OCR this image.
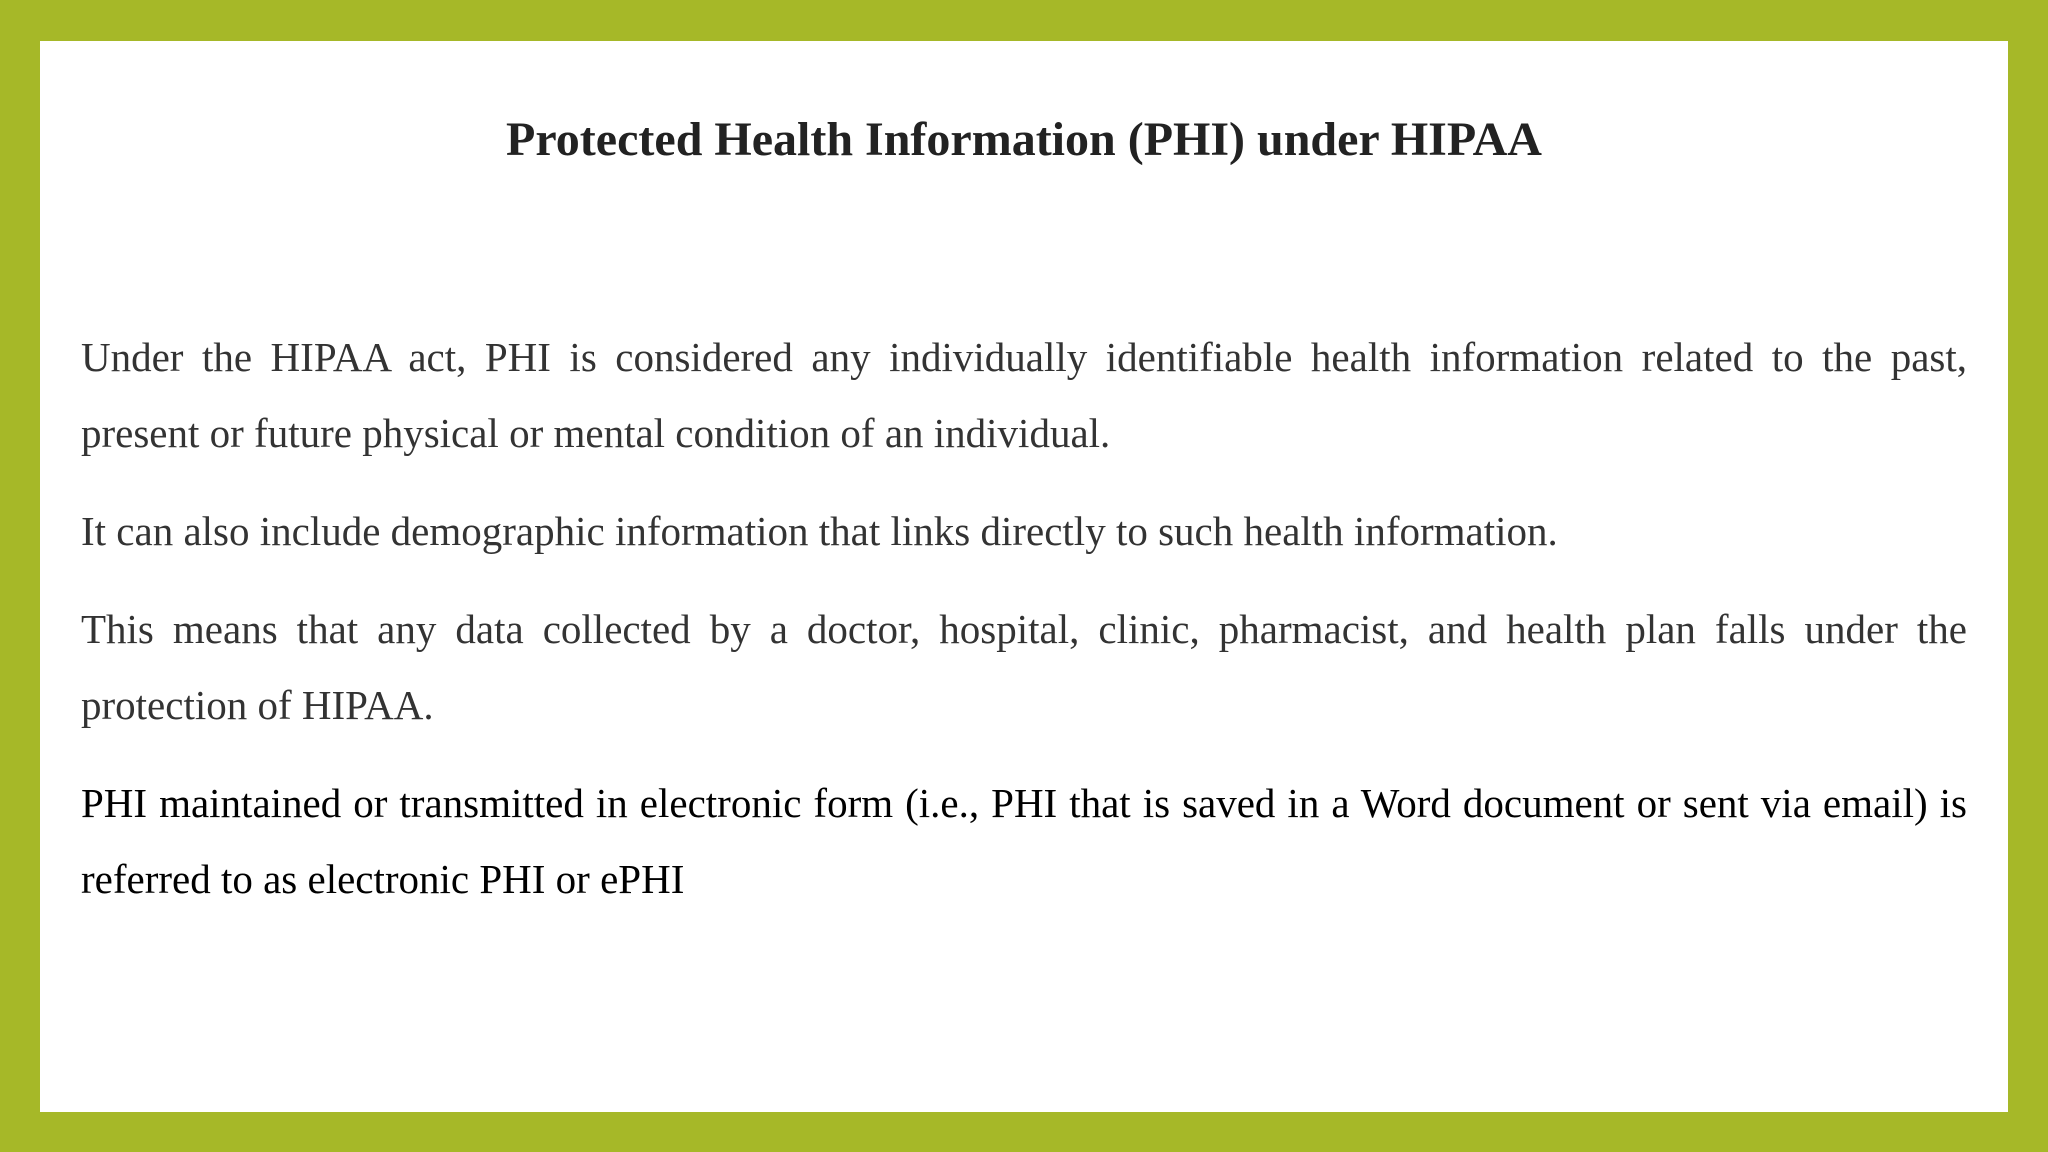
Protected Health Information (PHI) under HIPAA

Under the HIPAA act, PHI is considered any individually identifiable health information related to the past, present or future physical or mental condition of an individual.

It can also include demographic information that links directly to such health information.

This means that any data collected by a doctor, hospital, clinic, pharmacist, and health plan falls under the protection of HIPAA.

PHI maintained or transmitted in electronic form (i.e., PHI that is saved in a Word document or sent via email) is referred to as electronic PHI or ePHI
